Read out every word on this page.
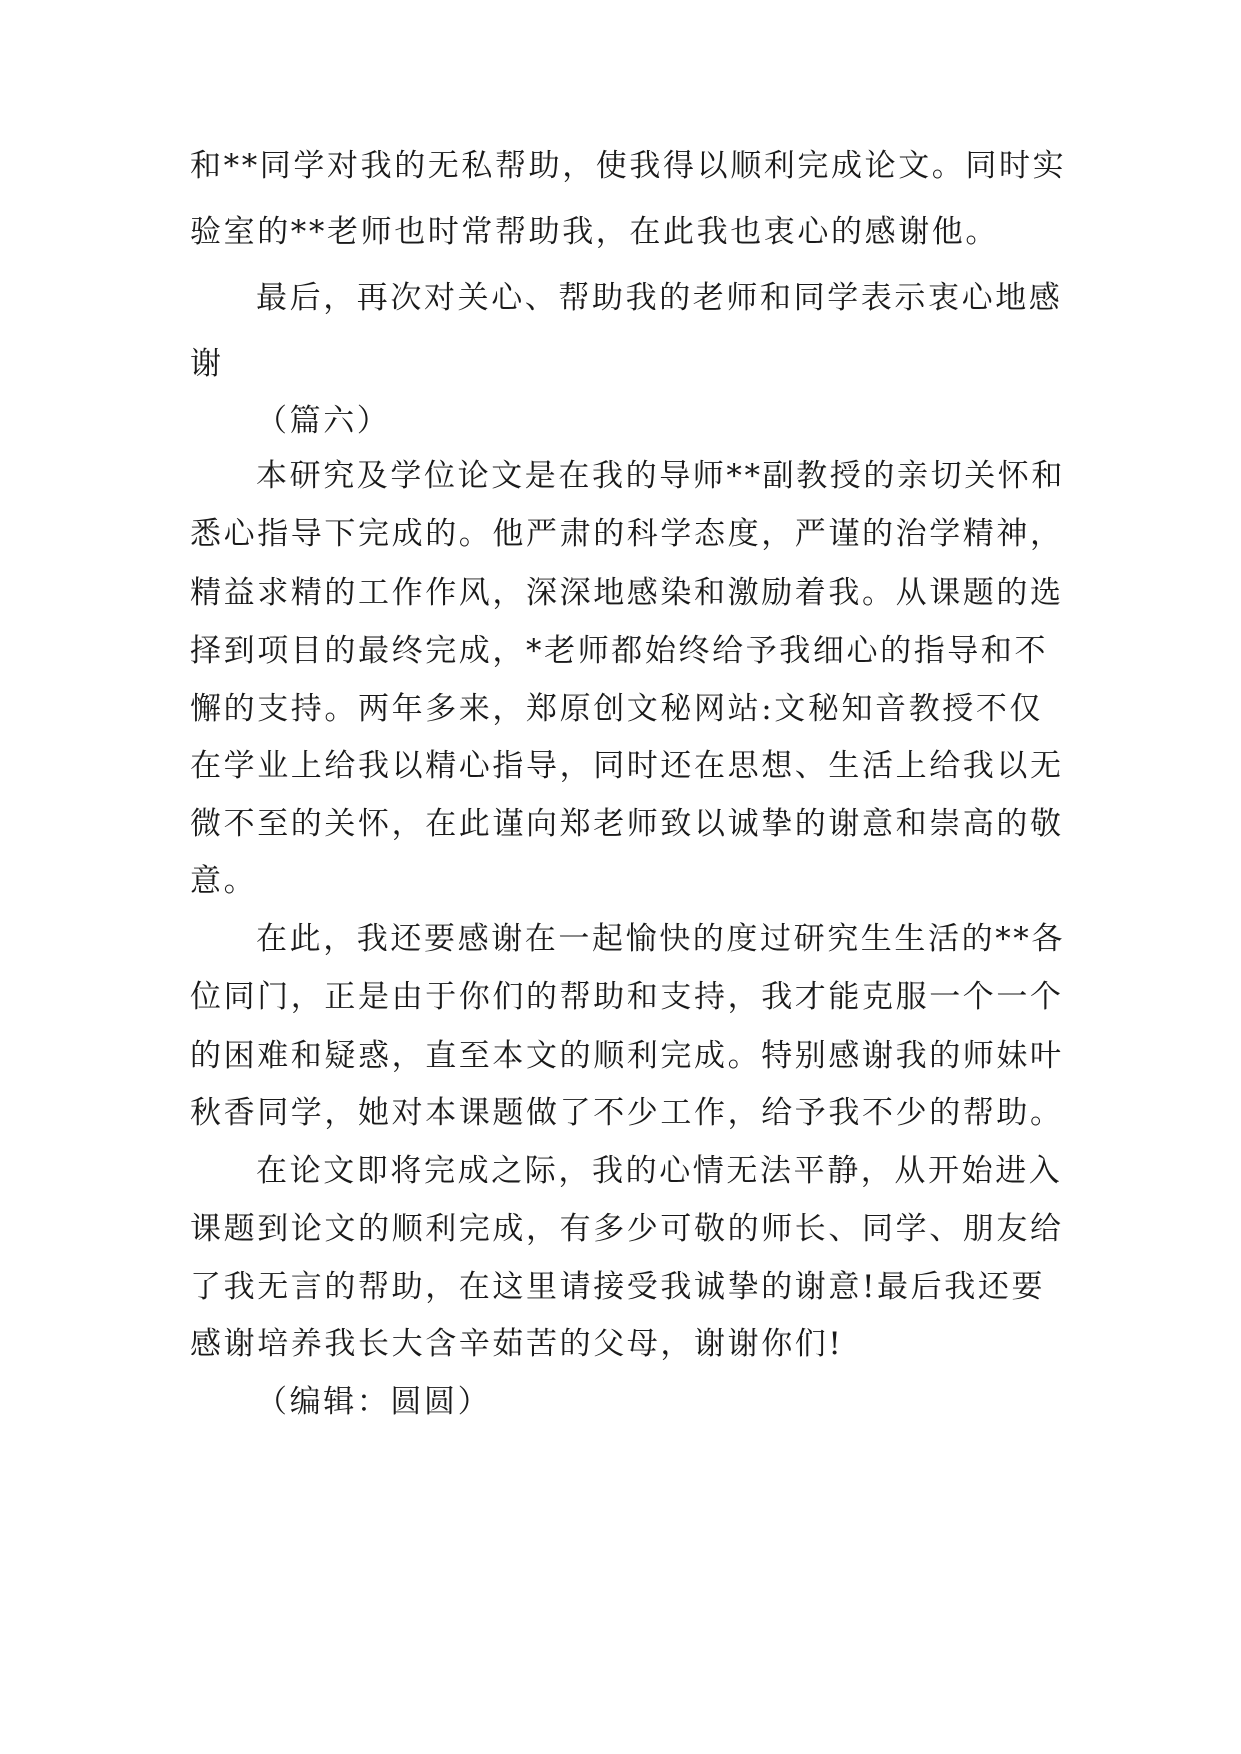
和**同学对我的无私帮助，使我得以顺利完成论文。同时实
验室的**老师也时常帮助我，在此我也衷心的感谢他。
最后，再次对关心、帮助我的老师和同学表示衷心地感
谢
（篇六）
本研究及学位论文是在我的导师**副教授的亲切关怀和
悉心指导下完成的。他严肃的科学态度，严谨的治学精神，
精益求精的工作作风，深深地感染和激励着我。从课题的选
择到项目的最终完成，*老师都始终给予我细心的指导和不
懈的支持。两年多来，郑原创文秘网站:文秘知音教授不仅
在学业上给我以精心指导，同时还在思想、生活上给我以无
微不至的关怀，在此谨向郑老师致以诚挚的谢意和崇高的敬
意。
在此，我还要感谢在一起愉快的度过研究生生活的**各
位同门，正是由于你们的帮助和支持，我才能克服一个一个
的困难和疑惑，直至本文的顺利完成。特别感谢我的师妹叶
秋香同学，她对本课题做了不少工作，给予我不少的帮助。
在论文即将完成之际，我的心情无法平静，从开始进入
课题到论文的顺利完成，有多少可敬的师长、同学、朋友给
了我无言的帮助，在这里请接受我诚挚的谢意!最后我还要
感谢培养我长大含辛茹苦的父母，谢谢你们!
（编辑：圆圆）
